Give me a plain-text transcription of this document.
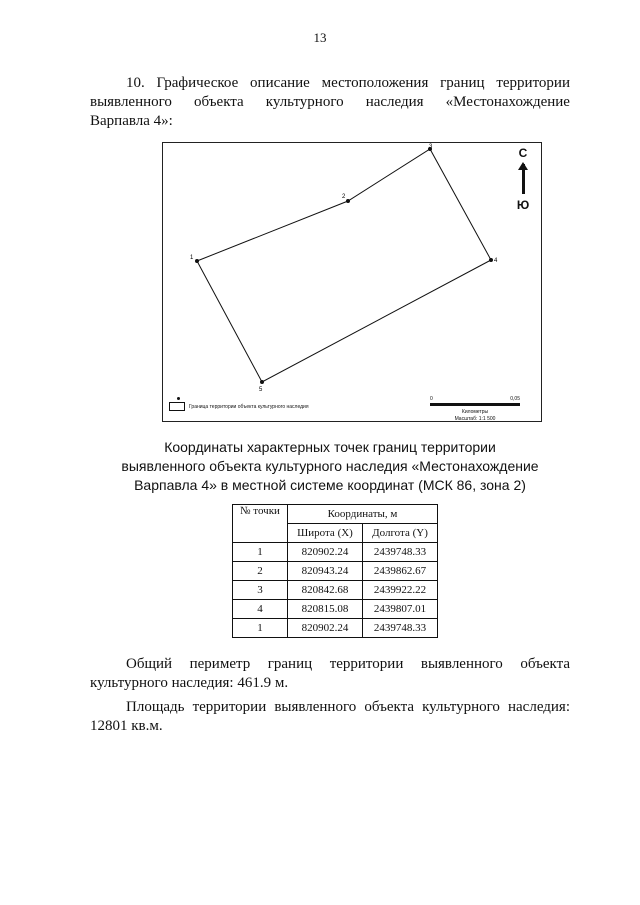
13
10. Графическое описание местоположения границ территории
выявленного объекта культурного наследия «Местонахождение
Варпавла 4»:
1
2
3
4
5
С
Ю
Граница территории объекта культурного наследия
0	0,05
Километры
Масштаб: 1:1 500
Координаты характерных точек границ территории
выявленного объекта культурного наследия «Местонахождение
Варпавла 4» в местной системе координат (МСК 86, зона 2)
№ точки	Координаты, м	
	Широта (X)	Долгота (Y)
1	820902.24	2439748.33
2	820943.24	2439862.67
3	820842.68	2439922.22
4	820815.08	2439807.01
1	820902.24	2439748.33
Общий периметр границ территории выявленного объекта
культурного наследия: 461.9 м.
Площадь территории выявленного объекта культурного наследия:
12801 кв.м.
